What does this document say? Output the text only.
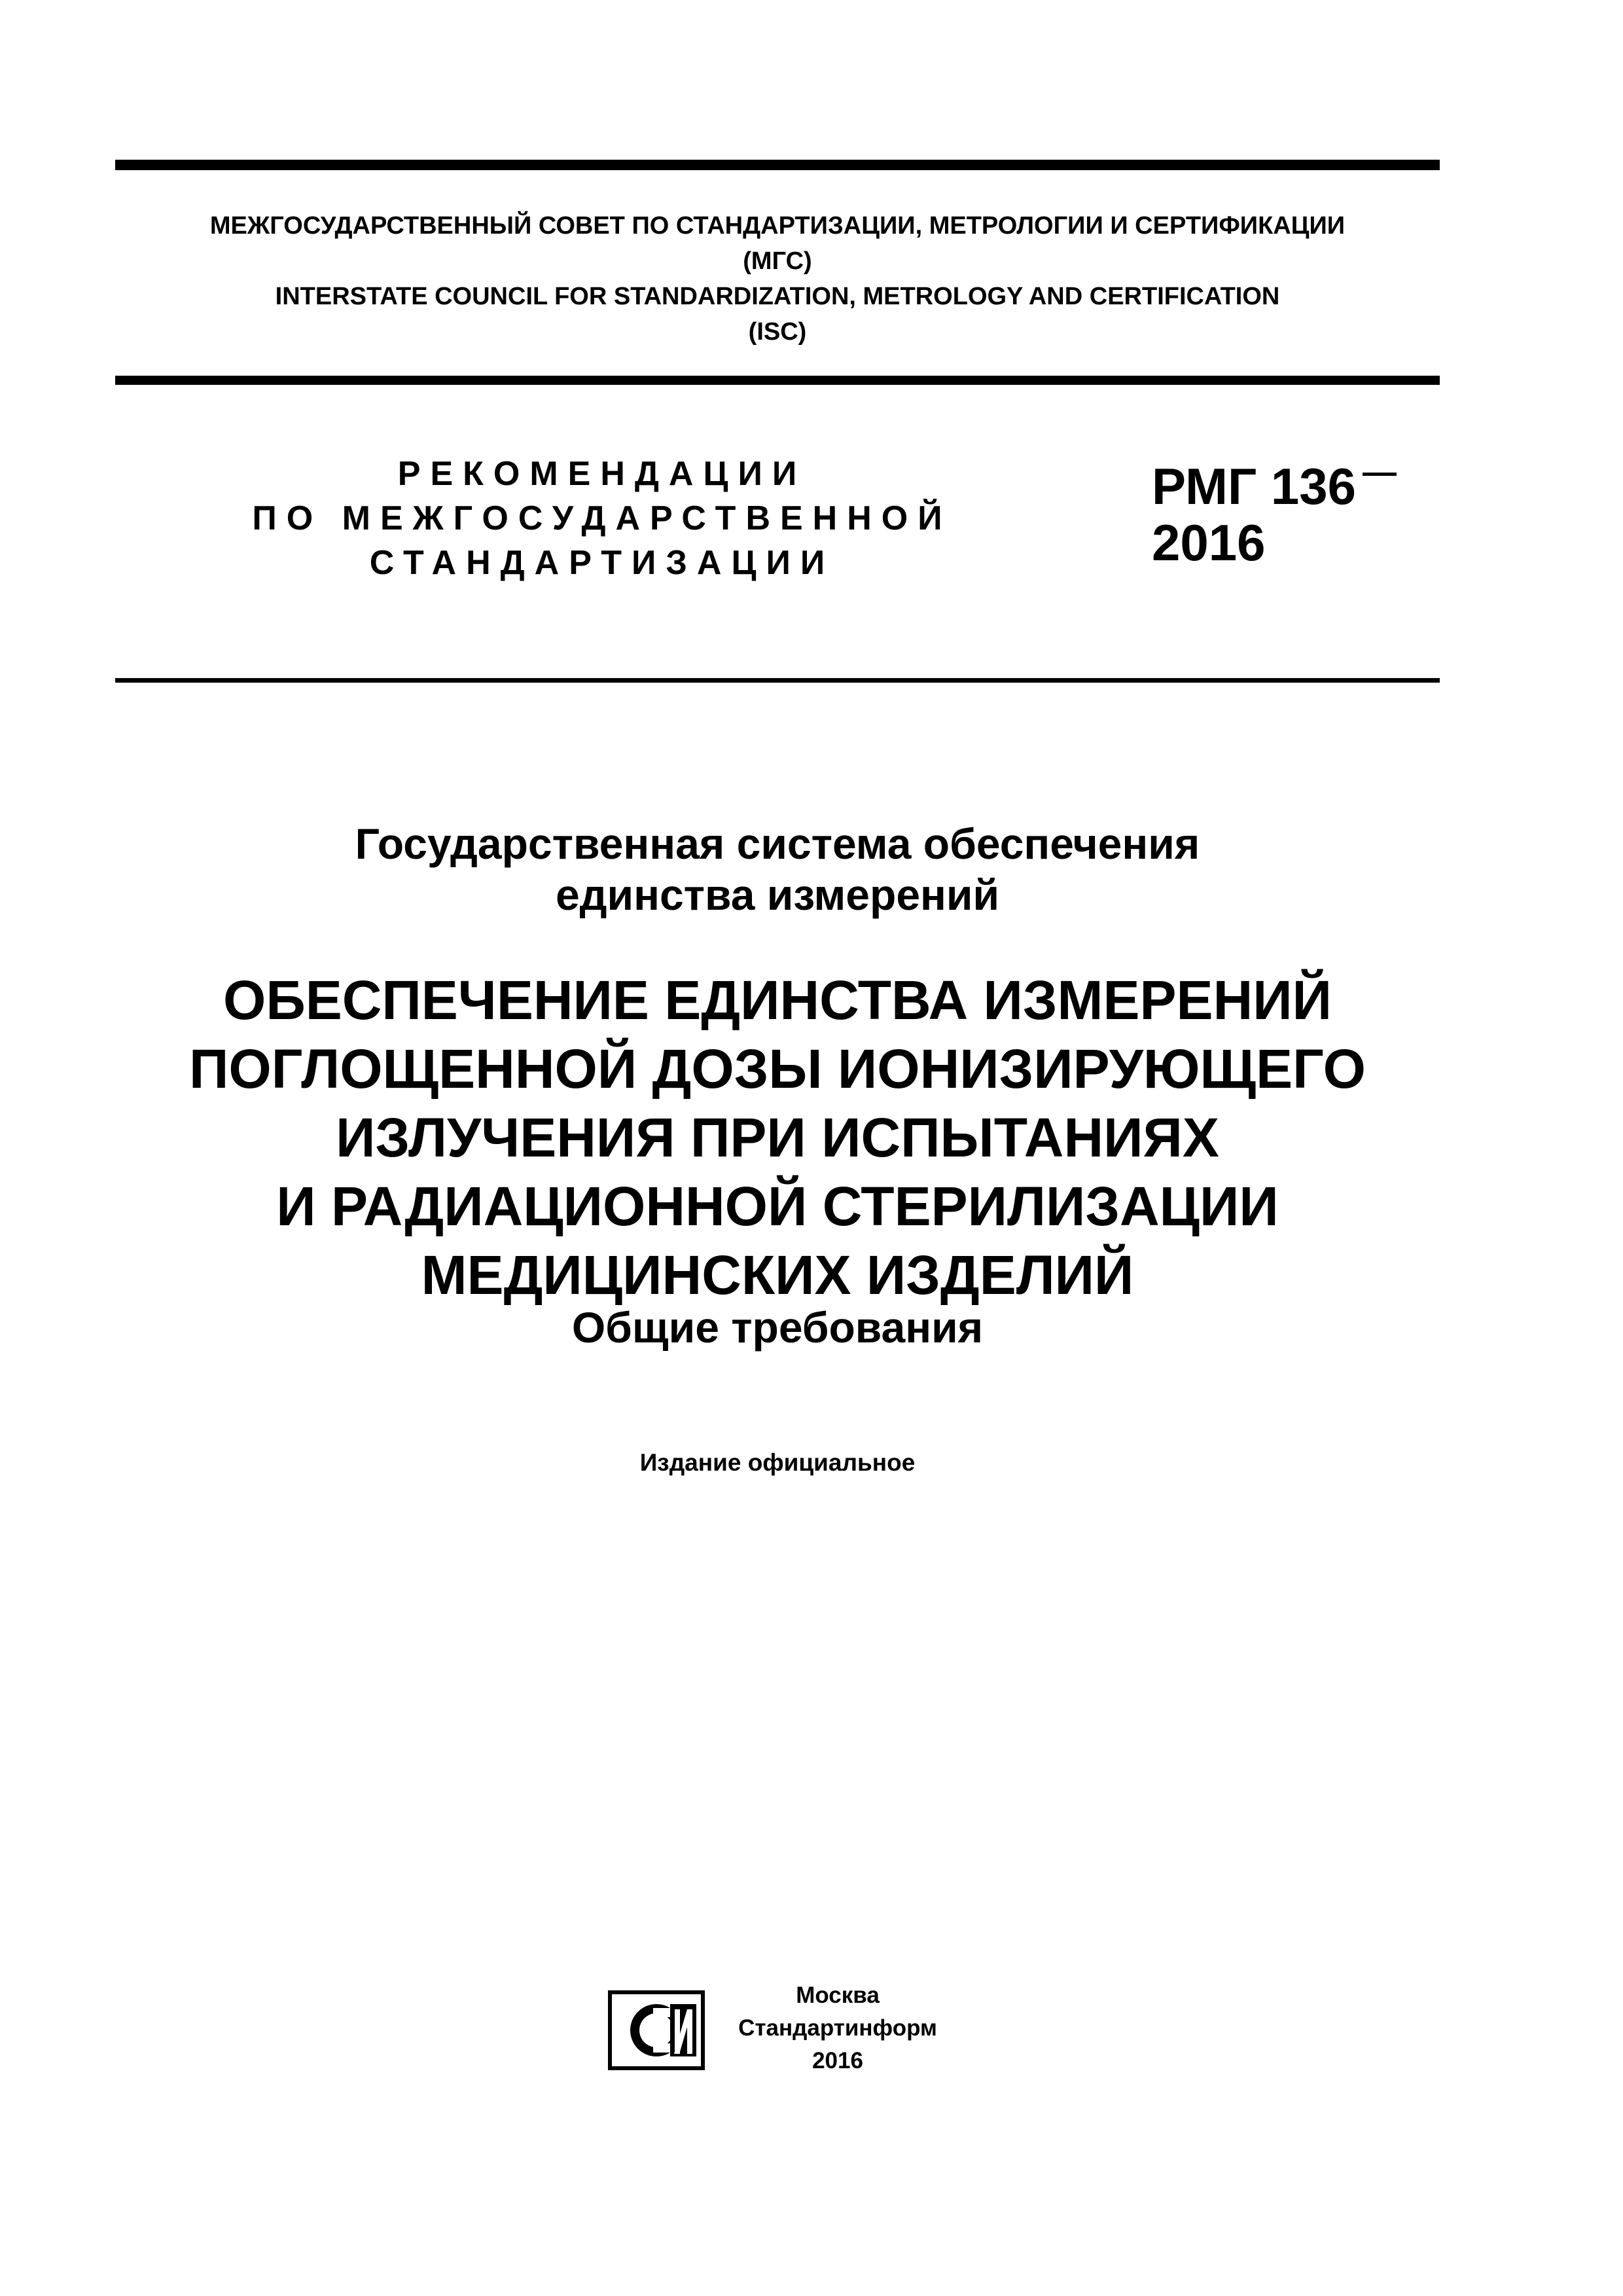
МЕЖГОСУДАРСТВЕННЫЙ СОВЕТ ПО СТАНДАРТИЗАЦИИ, МЕТРОЛОГИИ И СЕРТИФИКАЦИИ
(МГС)
INTERSTATE COUNCIL FOR STANDARDIZATION, METROLOGY AND CERTIFICATION
(ISC)
РЕКОМЕНДАЦИИ
ПО МЕЖГОСУДАРСТВЕННОЙ
СТАНДАРТИЗАЦИИ
РМГ 136
2016
Государственная система обеспечения
единства измерений
ОБЕСПЕЧЕНИЕ ЕДИНСТВА ИЗМЕРЕНИЙ
ПОГЛОЩЕННОЙ ДОЗЫ ИОНИЗИРУЮЩЕГО
ИЗЛУЧЕНИЯ ПРИ ИСПЫТАНИЯХ
И РАДИАЦИОННОЙ СТЕРИЛИЗАЦИИ
МЕДИЦИНСКИХ ИЗДЕЛИЙ
Общие требования
Издание официальное
Москва
Стандартинформ
2016
